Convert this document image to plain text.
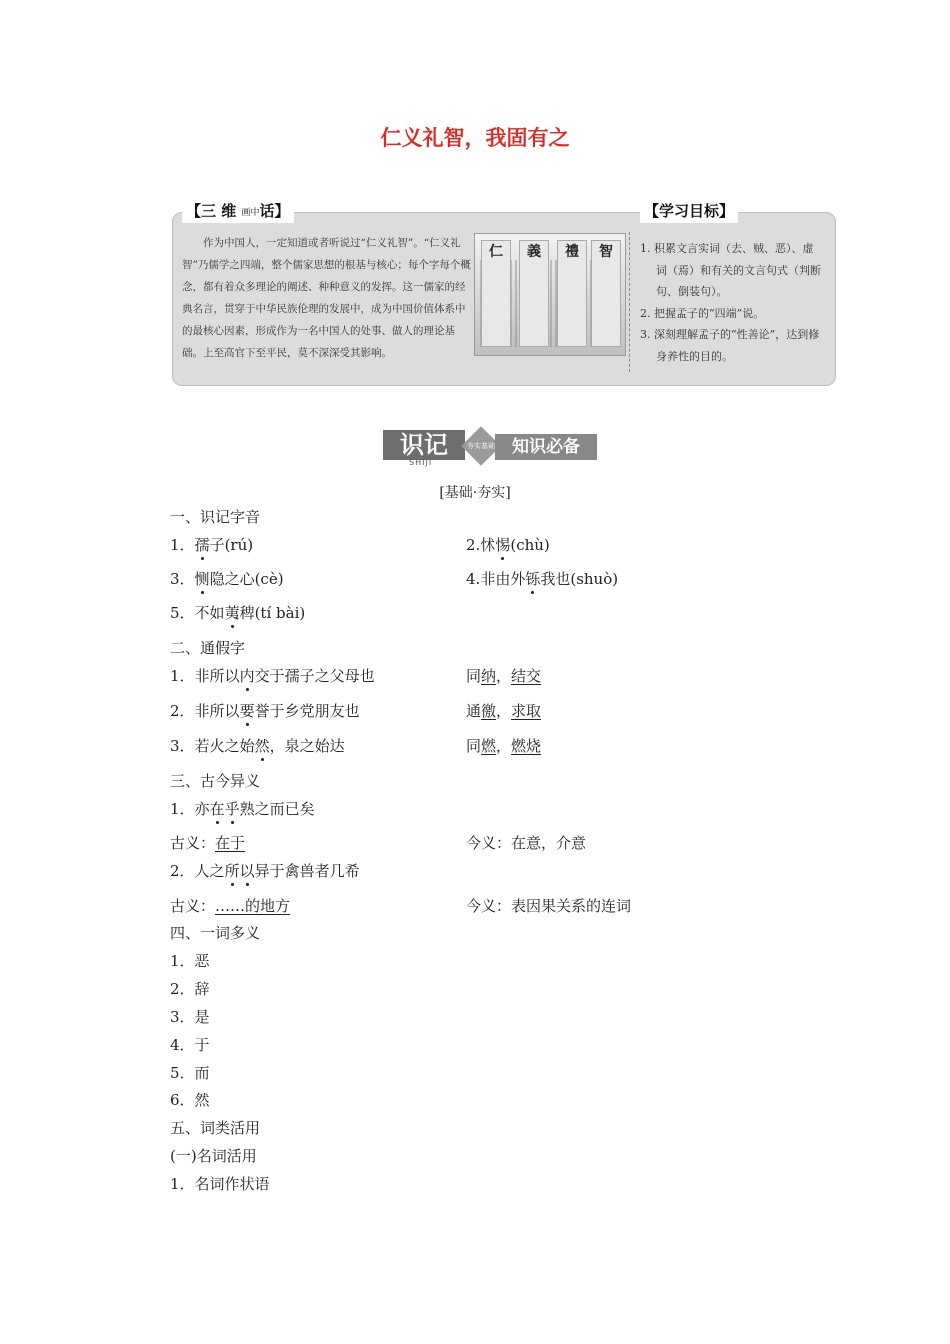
仁义礼智，我固有之
【三 维 画中话】	【学习目标】
作为中国人，一定知道或者听说过“仁义礼智”。“仁义礼智”乃儒学之四端，整个儒家思想的根基与核心；每个字每个概念，都有着众多理论的阐述、种种意义的发挥。这一儒家的经典名言，贯穿于中华民族伦理的发展中，成为中国价值体系中的最核心因素，形成作为一名中国人的处事、做人的理论基础。上至高官下至平民，莫不深深受其影响。
仁	義	禮	智	1. 积累文言实词（去、贼、恶）、虚词（焉）和有关的文言句式（判断句、倒装句）。
2. 把握孟子的“四端”说。
3. 深刻理解孟子的“性善论”，达到修身养性的目的。
识记
SHIJI
夯实基础	知识必备
[基础·夯实]
一、识记字音
1．孺子(rú)	2.怵惕(chù)
3．恻隐之心(cè)	4.非由外铄我也(shuò)
5．不如荑稗(tí bài)
二、通假字
1．非所以内交于孺子之父母也	同纳，结交
2．非所以要誉于乡党朋友也	通徼，求取
3．若火之始然，泉之始达	同燃，燃烧
三、古今异义
1．亦在乎熟之而已矣
古义：在于	今义：在意，介意
2．人之所以异于禽兽者几希
古义：……的地方	今义：表因果关系的连词
四、一词多义
1．恶
2．辞
3．是
4．于
5．而
6．然
五、词类活用
(一)名词活用
1．名词作状语
